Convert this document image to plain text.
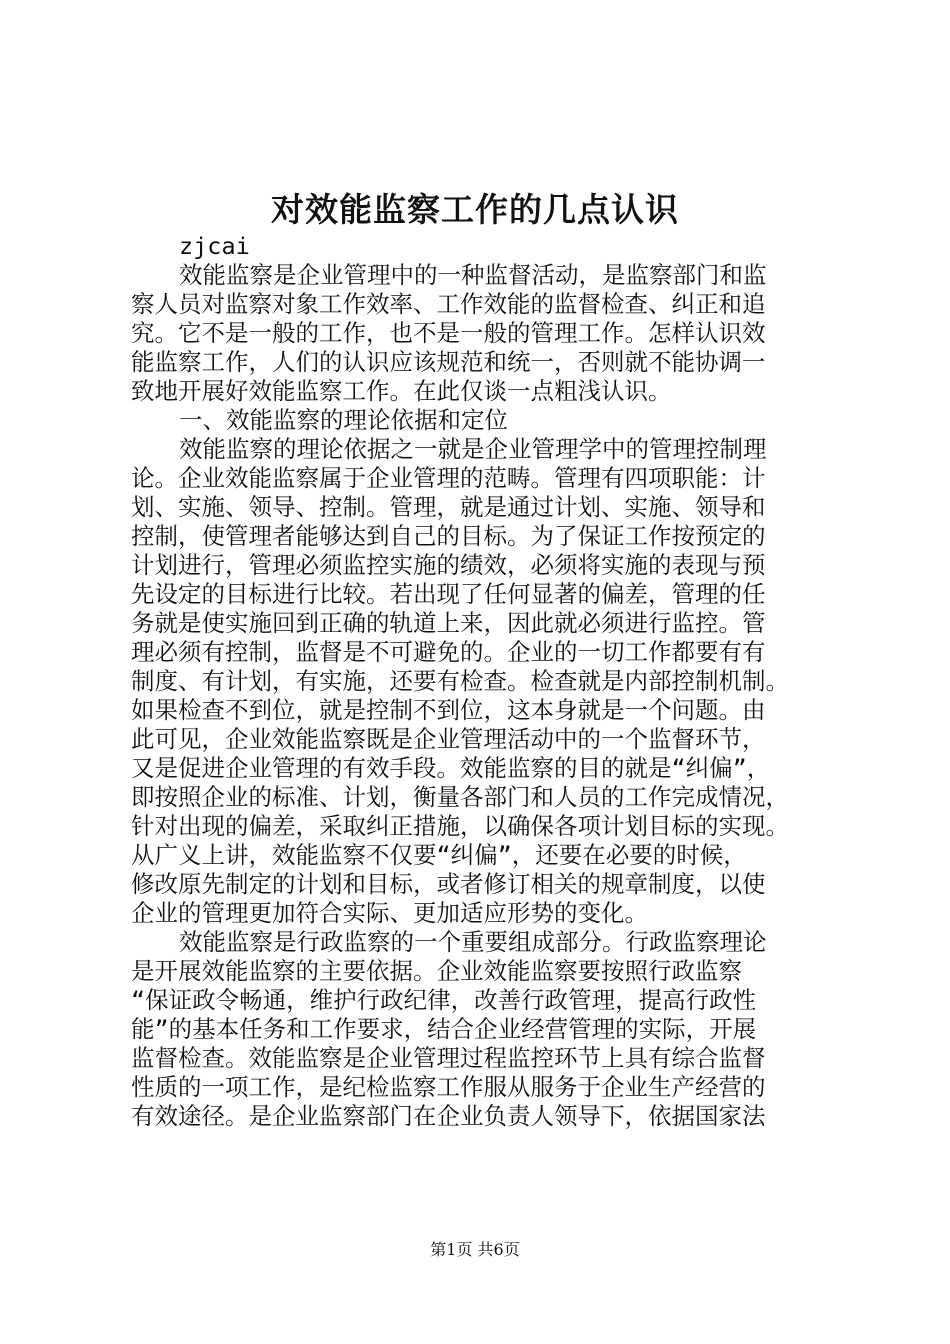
对效能监察工作的几点认识
zjcai
效能监察是企业管理中的一种监督活动，是监察部门和监
察人员对监察对象工作效率、工作效能的监督检查、纠正和追
究。它不是一般的工作，也不是一般的管理工作。怎样认识效
能监察工作，人们的认识应该规范和统一，否则就不能协调一
致地开展好效能监察工作。在此仅谈一点粗浅认识。
一、效能监察的理论依据和定位
效能监察的理论依据之一就是企业管理学中的管理控制理
论。企业效能监察属于企业管理的范畴。管理有四项职能：计
划、实施、领导、控制。管理，就是通过计划、实施、领导和
控制，使管理者能够达到自己的目标。为了保证工作按预定的
计划进行，管理必须监控实施的绩效，必须将实施的表现与预
先设定的目标进行比较。若出现了任何显著的偏差，管理的任
务就是使实施回到正确的轨道上来，因此就必须进行监控。管
理必须有控制，监督是不可避免的。企业的一切工作都要有有
制度、有计划，有实施，还要有检查。检查就是内部控制机制。
如果检查不到位，就是控制不到位，这本身就是一个问题。由
此可见，企业效能监察既是企业管理活动中的一个监督环节，
又是促进企业管理的有效手段。效能监察的目的就是“纠偏”，
即按照企业的标准、计划，衡量各部门和人员的工作完成情况，
针对出现的偏差，采取纠正措施，以确保各项计划目标的实现。
从广义上讲，效能监察不仅要“纠偏”，还要在必要的时候，
修改原先制定的计划和目标，或者修订相关的规章制度，以使
企业的管理更加符合实际、更加适应形势的变化。
效能监察是行政监察的一个重要组成部分。行政监察理论
是开展效能监察的主要依据。企业效能监察要按照行政监察
“保证政令畅通，维护行政纪律，改善行政管理，提高行政性
能”的基本任务和工作要求，结合企业经营管理的实际，开展
监督检查。效能监察是企业管理过程监控环节上具有综合监督
性质的一项工作，是纪检监察工作服从服务于企业生产经营的
有效途径。是企业监察部门在企业负责人领导下，依据国家法
第1页 共6页
